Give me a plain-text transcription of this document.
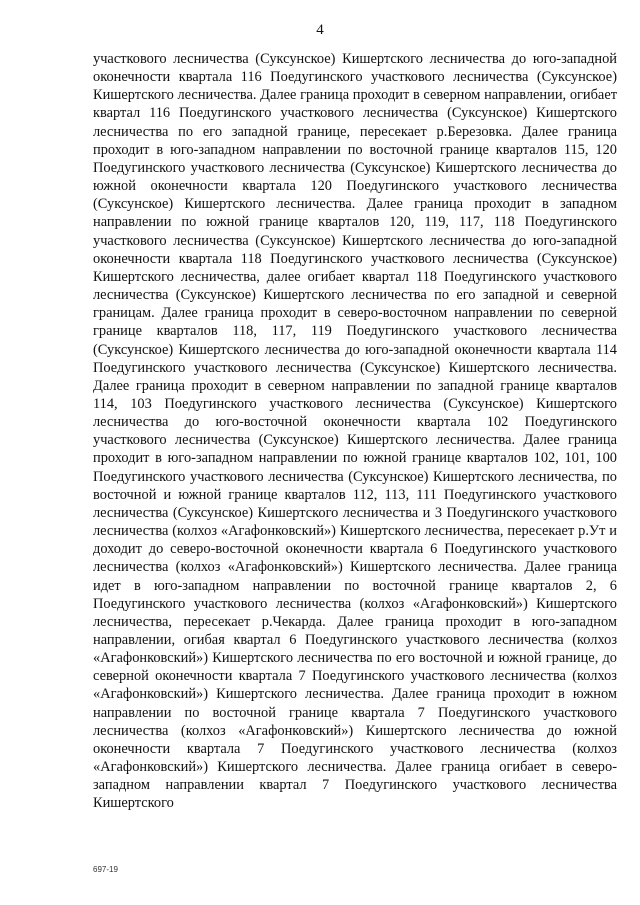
4

участкового лесничества (Суксунское) Кишертского лесничества до юго-западной оконечности квартала 116 Поедугинского участкового лесничества (Суксунское) Кишертского лесничества. Далее граница проходит в северном направлении, огибает квартал 116 Поедугинского участкового лесничества (Суксунское) Кишертского лесничества по его западной границе, пересекает р.Березовка. Далее граница проходит в юго-западном направлении по восточной границе кварталов 115, 120 Поедугинского участкового лесничества (Суксунское) Кишертского лесничества до южной оконечности квартала 120 Поедугинского участкового лесничества (Суксунское) Кишертского лесничества. Далее граница проходит в западном направлении по южной границе кварталов 120, 119, 117, 118 Поедугинского участкового лесничества (Суксунское) Кишертского лесничества до юго-западной оконечности квартала 118 Поедугинского участкового лесничества (Суксунское) Кишертского лесничества, далее огибает квартал 118 Поедугинского участкового лесничества (Суксунское) Кишертского лесничества по его западной и северной границам. Далее граница проходит в северо-восточном направлении по северной границе кварталов 118, 117, 119 Поедугинского участкового лесничества (Суксунское) Кишертского лесничества до юго-западной оконечности квартала 114 Поедугинского участкового лесничества (Суксунское) Кишертского лесничества. Далее граница проходит в северном направлении по западной границе кварталов 114, 103 Поедугинского участкового лесничества (Суксунское) Кишертского лесничества до юго-восточной оконечности квартала 102 Поедугинского участкового лесничества (Суксунское) Кишертского лесничества. Далее граница проходит в юго-западном направлении по южной границе кварталов 102, 101, 100 Поедугинского участкового лесничества (Суксунское) Кишертского лесничества, по восточной и южной границе кварталов 112, 113, 111 Поедугинского участкового лесничества (Суксунское) Кишертского лесничества и 3 Поедугинского участкового лесничества (колхоз «Агафонковский») Кишертского лесничества, пересекает р.Ут и доходит до северо-восточной оконечности квартала 6 Поедугинского участкового лесничества (колхоз «Агафонковский») Кишертского лесничества. Далее граница идет в юго-западном направлении по восточной границе кварталов 2, 6 Поедугинского участкового лесничества (колхоз «Агафонковский») Кишертского лесничества, пересекает р.Чекарда. Далее граница проходит в юго-западном направлении, огибая квартал 6 Поедугинского участкового лесничества (колхоз «Агафонковский») Кишертского лесничества по его восточной и южной границе, до северной оконечности квартала 7 Поедугинского участкового лесничества (колхоз «Агафонковский») Кишертского лесничества. Далее граница проходит в южном направлении по восточной границе квартала 7 Поедугинского участкового лесничества (колхоз «Агафонковский») Кишертского лесничества до южной оконечности квартала 7 Поедугинского участкового лесничества (колхоз «Агафонковский») Кишертского лесничества. Далее граница огибает в северо-западном направлении квартал 7 Поедугинского участкового лесничества Кишертского

697-19
